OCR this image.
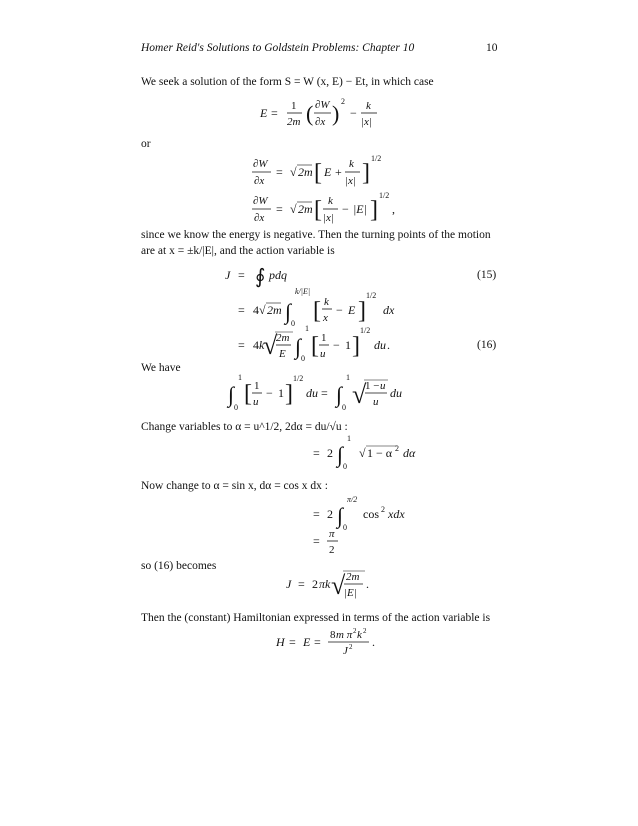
Homer Reid's Solutions to Goldstein Problems: Chapter 10	10
We seek a solution of the form S = W (x, E) − Et, in which case
E = 1
2m ( ∂W
∂x ) 2
− k
|x|
or
∂W
∂x
= √ 2m [ E +
k
|x| ]
1/2
∂W
∂x
= √ 2m [ k
|x|
− |E| ]
1/2
,
since we know the energy is negative. Then the turning points of the motion
are at x = ±k/|E|, and the action variable is
J = ∮ pdq
= 4 √ 2m ∫
k/|E|
0 [ k
x
− E ]
1/2
dx
= 4 k
√
2m
E ∫
1
0 [ 1
u
− 1 ]
1/2
du .
(15)
(16)
We have
∫
1
0
[ 1
u
− 1 ]
1/2
du = ∫
1
0 √
1 − u
u
du
Change variables to α = u^1/2, 2dα = du/√u :
= 2 ∫
1
0
√ 1 − α 2 dα
Now change to α = sin x, dα = cos x dx :
= 2 ∫
π/2
0
cos 2 xdx
= π
2
so (16) becomes
J = 2 πk √ 2m
|E|
.
Then the (constant) Hamiltonian expressed in terms of the action variable is
H = E = 8 m π 2 k 2
J 2 .
